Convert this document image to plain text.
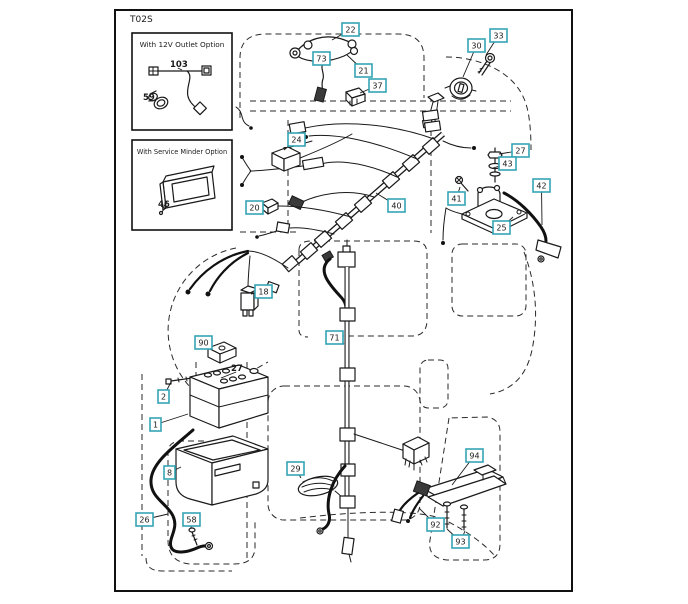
T02S
With 12V Outlet Option
With Service Minder Option
103
59
46
27
22
73
21
37
30
33
27
43
42
41
25
24
20	40
18
90
2
1
8
26	58
29
71
94
92
93
